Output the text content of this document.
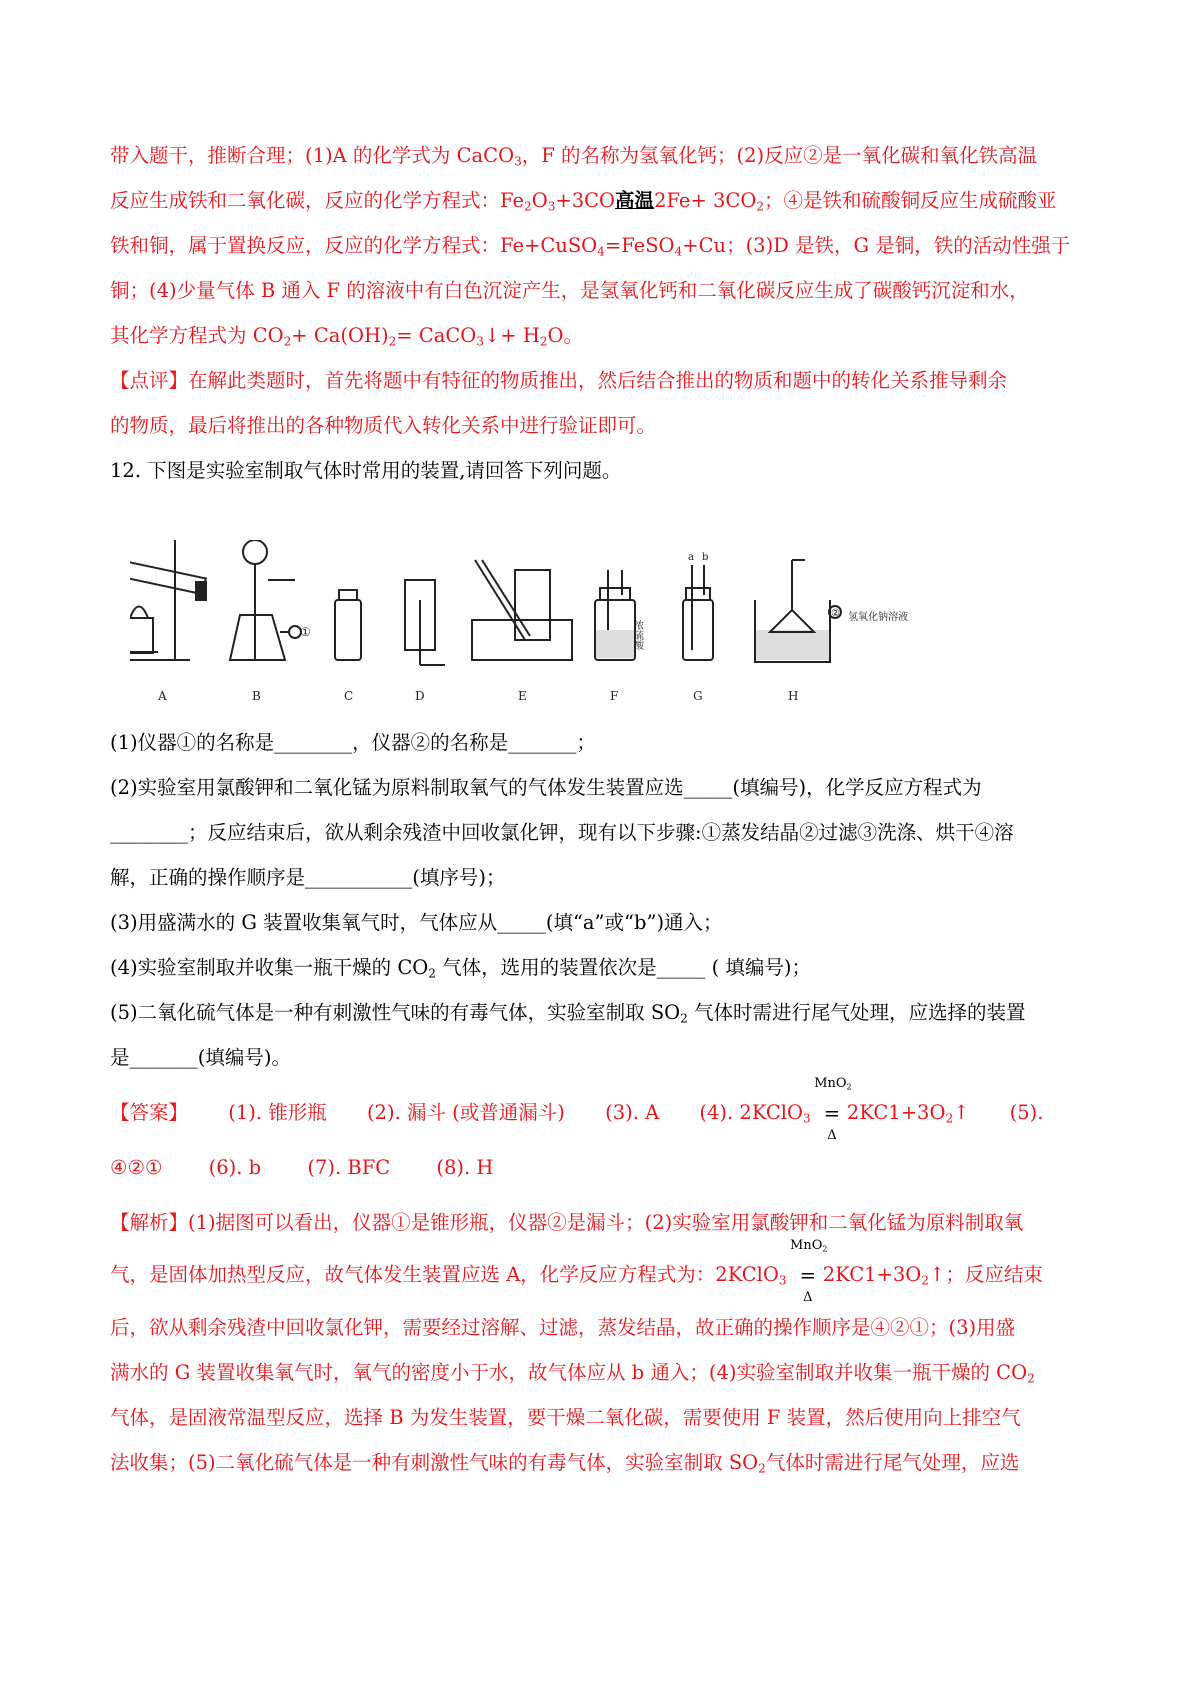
带入题干，推断合理；(1)A 的化学式为 CaCO$_3$，F 的名称为氢氧化钙；(2)反应②是一氧化碳和氧化铁高温
反应生成铁和二氧化碳，反应的化学方程式：$Fe_2O_3+3CO$高温$2Fe+ 3CO_2$；④是铁和硫酸铜反应生成硫酸亚
铁和铜，属于置换反应，反应的化学方程式：Fe+CuSO$_4$=FeSO$_4$+Cu；(3)D 是铁，G 是铜，铁的活动性强于
铜；(4)少量气体 B 通入 F 的溶液中有白色沉淀产生，是氢氧化钙和二氧化碳反应生成了碳酸钙沉淀和水，
其化学方程式为 $CO_2+ Ca(OH)_2=$ CaCO$_3$↓+ $H_2O$。
【点评】在解此类题时，首先将题中有特征的物质推出，然后结合推出的物质和题中的转化关系推导剩余
的物质，最后将推出的各种物质代入转化关系中进行验证即可。
12. 下图是实验室制取气体时常用的装置,请回答下列问题。
①
②
浓硫酸
氢氧化钠溶液
a b
A	B	C	D	E	F	G	H
(1)仪器①的名称是________，仪器②的名称是_______；
(2)实验室用氯酸钾和二氧化锰为原料制取氧气的气体发生装置应选_____(填编号)，化学反应方程式为
________；反应结束后，欲从剩余残渣中回收氯化钾，现有以下步骤:①蒸发结晶②过滤③洗涤、烘干④溶
解，正确的操作顺序是___________(填序号)；
(3)用盛满水的 G 装置收集氧气时，气体应从_____(填“a”或“b”)通入；
(4)实验室制取并收集一瓶干燥的 $CO_2$ 气体，选用的装置依次是_____ ( 填编号)；
(5)二氧化硫气体是一种有刺激性气味的有毒气体，实验室制取 $SO_2$ 气体时需进行尾气处理，应选择的装置
是_______(填编号)。
【答案】 (1). 锥形瓶 (2). 漏斗 (或普通漏斗) (3). A (4). 2KClO$_3$
MnO$_2$
=
Δ
$2KC1+3O_2↑$ (5).
④②① (6). b (7). BFC (8). H
【解析】(1)据图可以看出，仪器①是锥形瓶，仪器②是漏斗；(2)实验室用氯酸钾和二氧化锰为原料制取氧
气，是固体加热型反应，故气体发生装置应选 A，化学反应方程式为：2KClO$_3$
MnO$_2$
=
Δ
$2KC1+3O_2↑$；反应结束
后，欲从剩余残渣中回收氯化钾，需要经过溶解、过滤，蒸发结晶，故正确的操作顺序是④②①；(3)用盛
满水的 G 装置收集氧气时，氧气的密度小于水，故气体应从 b 通入；(4)实验室制取并收集一瓶干燥的 $CO_2$
气体，是固液常温型反应，选择 B 为发生装置，要干燥二氧化碳，需要使用 F 装置，然后使用向上排空气
法收集；(5)二氧化硫气体是一种有刺激性气味的有毒气体，实验室制取 $SO_2$气体时需进行尾气处理，应选
